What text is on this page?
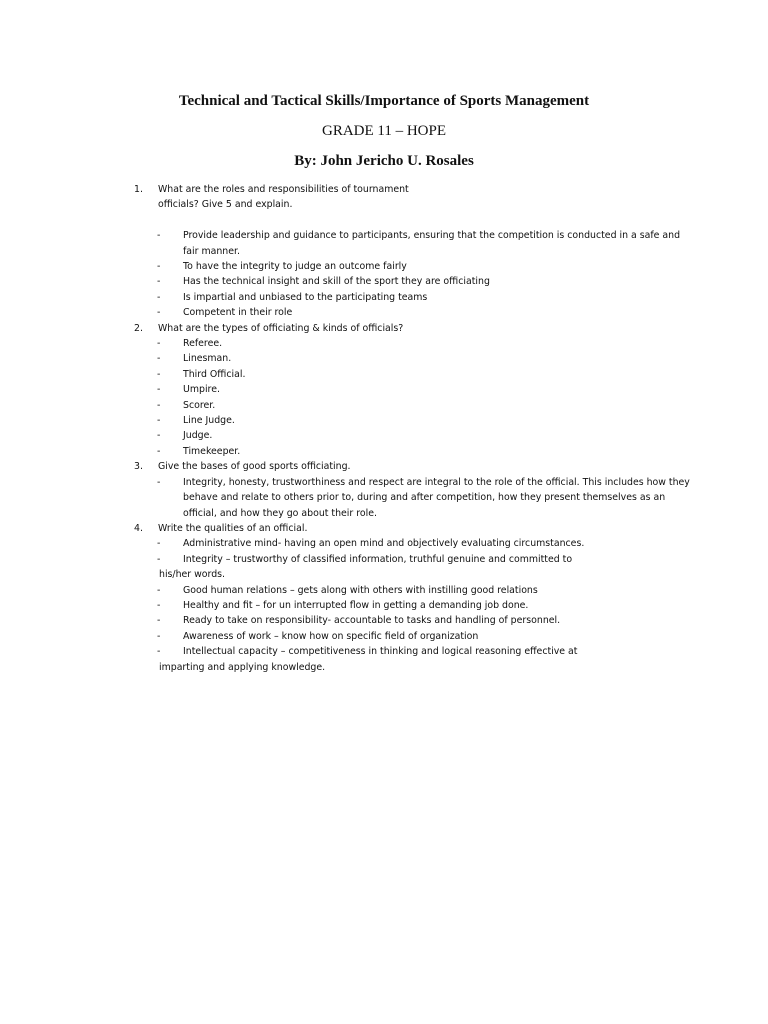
Technical and Tactical Skills/Importance of Sports Management
GRADE 11 – HOPE
By: John Jericho U. Rosales
1.	What are the roles and responsibilities of tournament
officials? Give 5 and explain.
-	Provide leadership and guidance to participants, ensuring that the competition is conducted in a safe and
fair manner.
-	To have the integrity to judge an outcome fairly
-	Has the technical insight and skill of the sport they are officiating
-	Is impartial and unbiased to the participating teams
-	Competent in their role
2.	What are the types of officiating & kinds of officials?
-	Referee.
-	Linesman.
-	Third Official.
-	Umpire.
-	Scorer.
-	Line Judge.
-	Judge.
-	Timekeeper.
3.	Give the bases of good sports officiating.
-	Integrity, honesty, trustworthiness and respect are integral to the role of the official. This includes how they
behave and relate to others prior to, during and after competition, how they present themselves as an
official, and how they go about their role.
4.	Write the qualities of an official.
-	Administrative mind- having an open mind and objectively evaluating circumstances.
-	Integrity – trustworthy of classified information, truthful genuine and committed to
his/her words.
-	Good human relations – gets along with others with instilling good relations
-	Healthy and fit – for un interrupted flow in getting a demanding job done.
-	Ready to take on responsibility- accountable to tasks and handling of personnel.
-	Awareness of work – know how on specific field of organization
-	Intellectual capacity – competitiveness in thinking and logical reasoning effective at
imparting and applying knowledge.
